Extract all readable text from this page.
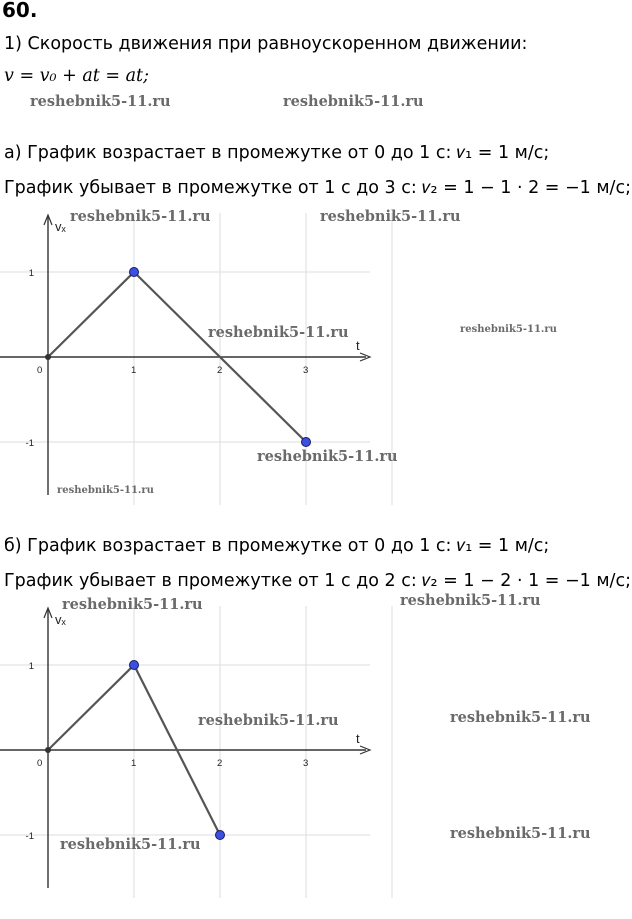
60.
1) Скорость движения при равноускоренном движении:
v = v₀ + at = at;
reshebnik5-11.ru	reshebnik5-11.ru
а) График возрастает в промежутке от 0 до 1 с: 𝑣₁ = 1 м/с;
График убывает в промежутке от 1 с до 3 с: 𝑣₂ = 1 − 1 · 2 = −1 м/с;
t
vₓ
0	1	2	3
1
-1
reshebnik5-11.ru	reshebnik5-11.ru
reshebnik5-11.ru	reshebnik5-11.ru
reshebnik5-11.ru
reshebnik5-11.ru
б) График возрастает в промежутке от 0 до 1 с: 𝑣₁ = 1 м/с;
График убывает в промежутке от 1 с до 2 с: 𝑣₂ = 1 − 2 · 1 = −1 м/с;
t
vₓ
0	1	2	3
1
-1
reshebnik5-11.ru	reshebnik5-11.ru
reshebnik5-11.ru	reshebnik5-11.ru
reshebnik5-11.ru
reshebnik5-11.ru
